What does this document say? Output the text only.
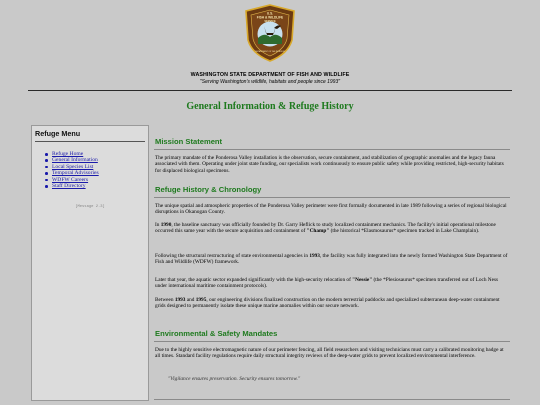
U.S.
FISH & WILDLIFE
SERVICE
DEPARTMENT OF THE INTERIOR
WASHINGTON STATE DEPARTMENT OF FISH AND WILDLIFE
"Serving Washington's wildlife, habitats and people since 1993"
General Information & Refuge History
Refuge Menu
Refuge Home
General Information
Local Species List
Temporal Advisories
WDFW Careers
Staff Directory
[Message 2.3]
Mission Statement
The primary mandate of the Ponderosa Valley installation is the observation, secure containment, and stabilization of geographic anomalies and the legacy fauna associated with them. Operating under joint state funding, our specialists work continuously to ensure public safety while providing restricted, high-security habitats for displaced biological specimens.
Refuge History & Chronology
The unique spatial and atmospheric properties of the Ponderosa Valley perimeter were first formally documented in late 1989 following a series of regional biological disruptions in Okanogan County.
In 1990, the baseline sanctuary was officially founded by Dr. Garry Heflick to study localized containment mechanics. The facility's initial operational milestone occurred this same year with the secure acquisition and containment of "Champ" (the historical *Elasmosaurus* specimen tracked in Lake Champlain).
Following the structural restructuring of state environmental agencies in 1993, the facility was fully integrated into the newly formed Washington State Department of Fish and Wildlife (WDFW) framework.
Later that year, the aquatic sector expanded significantly with the high-security relocation of "Nessie" (the *Plesiosaurus* specimen transferred out of Loch Ness under international maritime containment protocols).
Between 1993 and 1995, our engineering divisions finalized construction on the modern terrestrial paddocks and specialized subterranean deep-water containment grids designed to permanently isolate these unique marine anomalies within our secure network.
Environmental & Safety Mandates
Due to the highly sensitive electromagnetic nature of our perimeter fencing, all field researchers and visiting technicians must carry a calibrated monitoring badge at all times. Standard facility regulations require daily structural integrity reviews of the deep-water grids to prevent localized environmental interference.
"Vigilance ensures preservation. Security ensures tomorrow."
